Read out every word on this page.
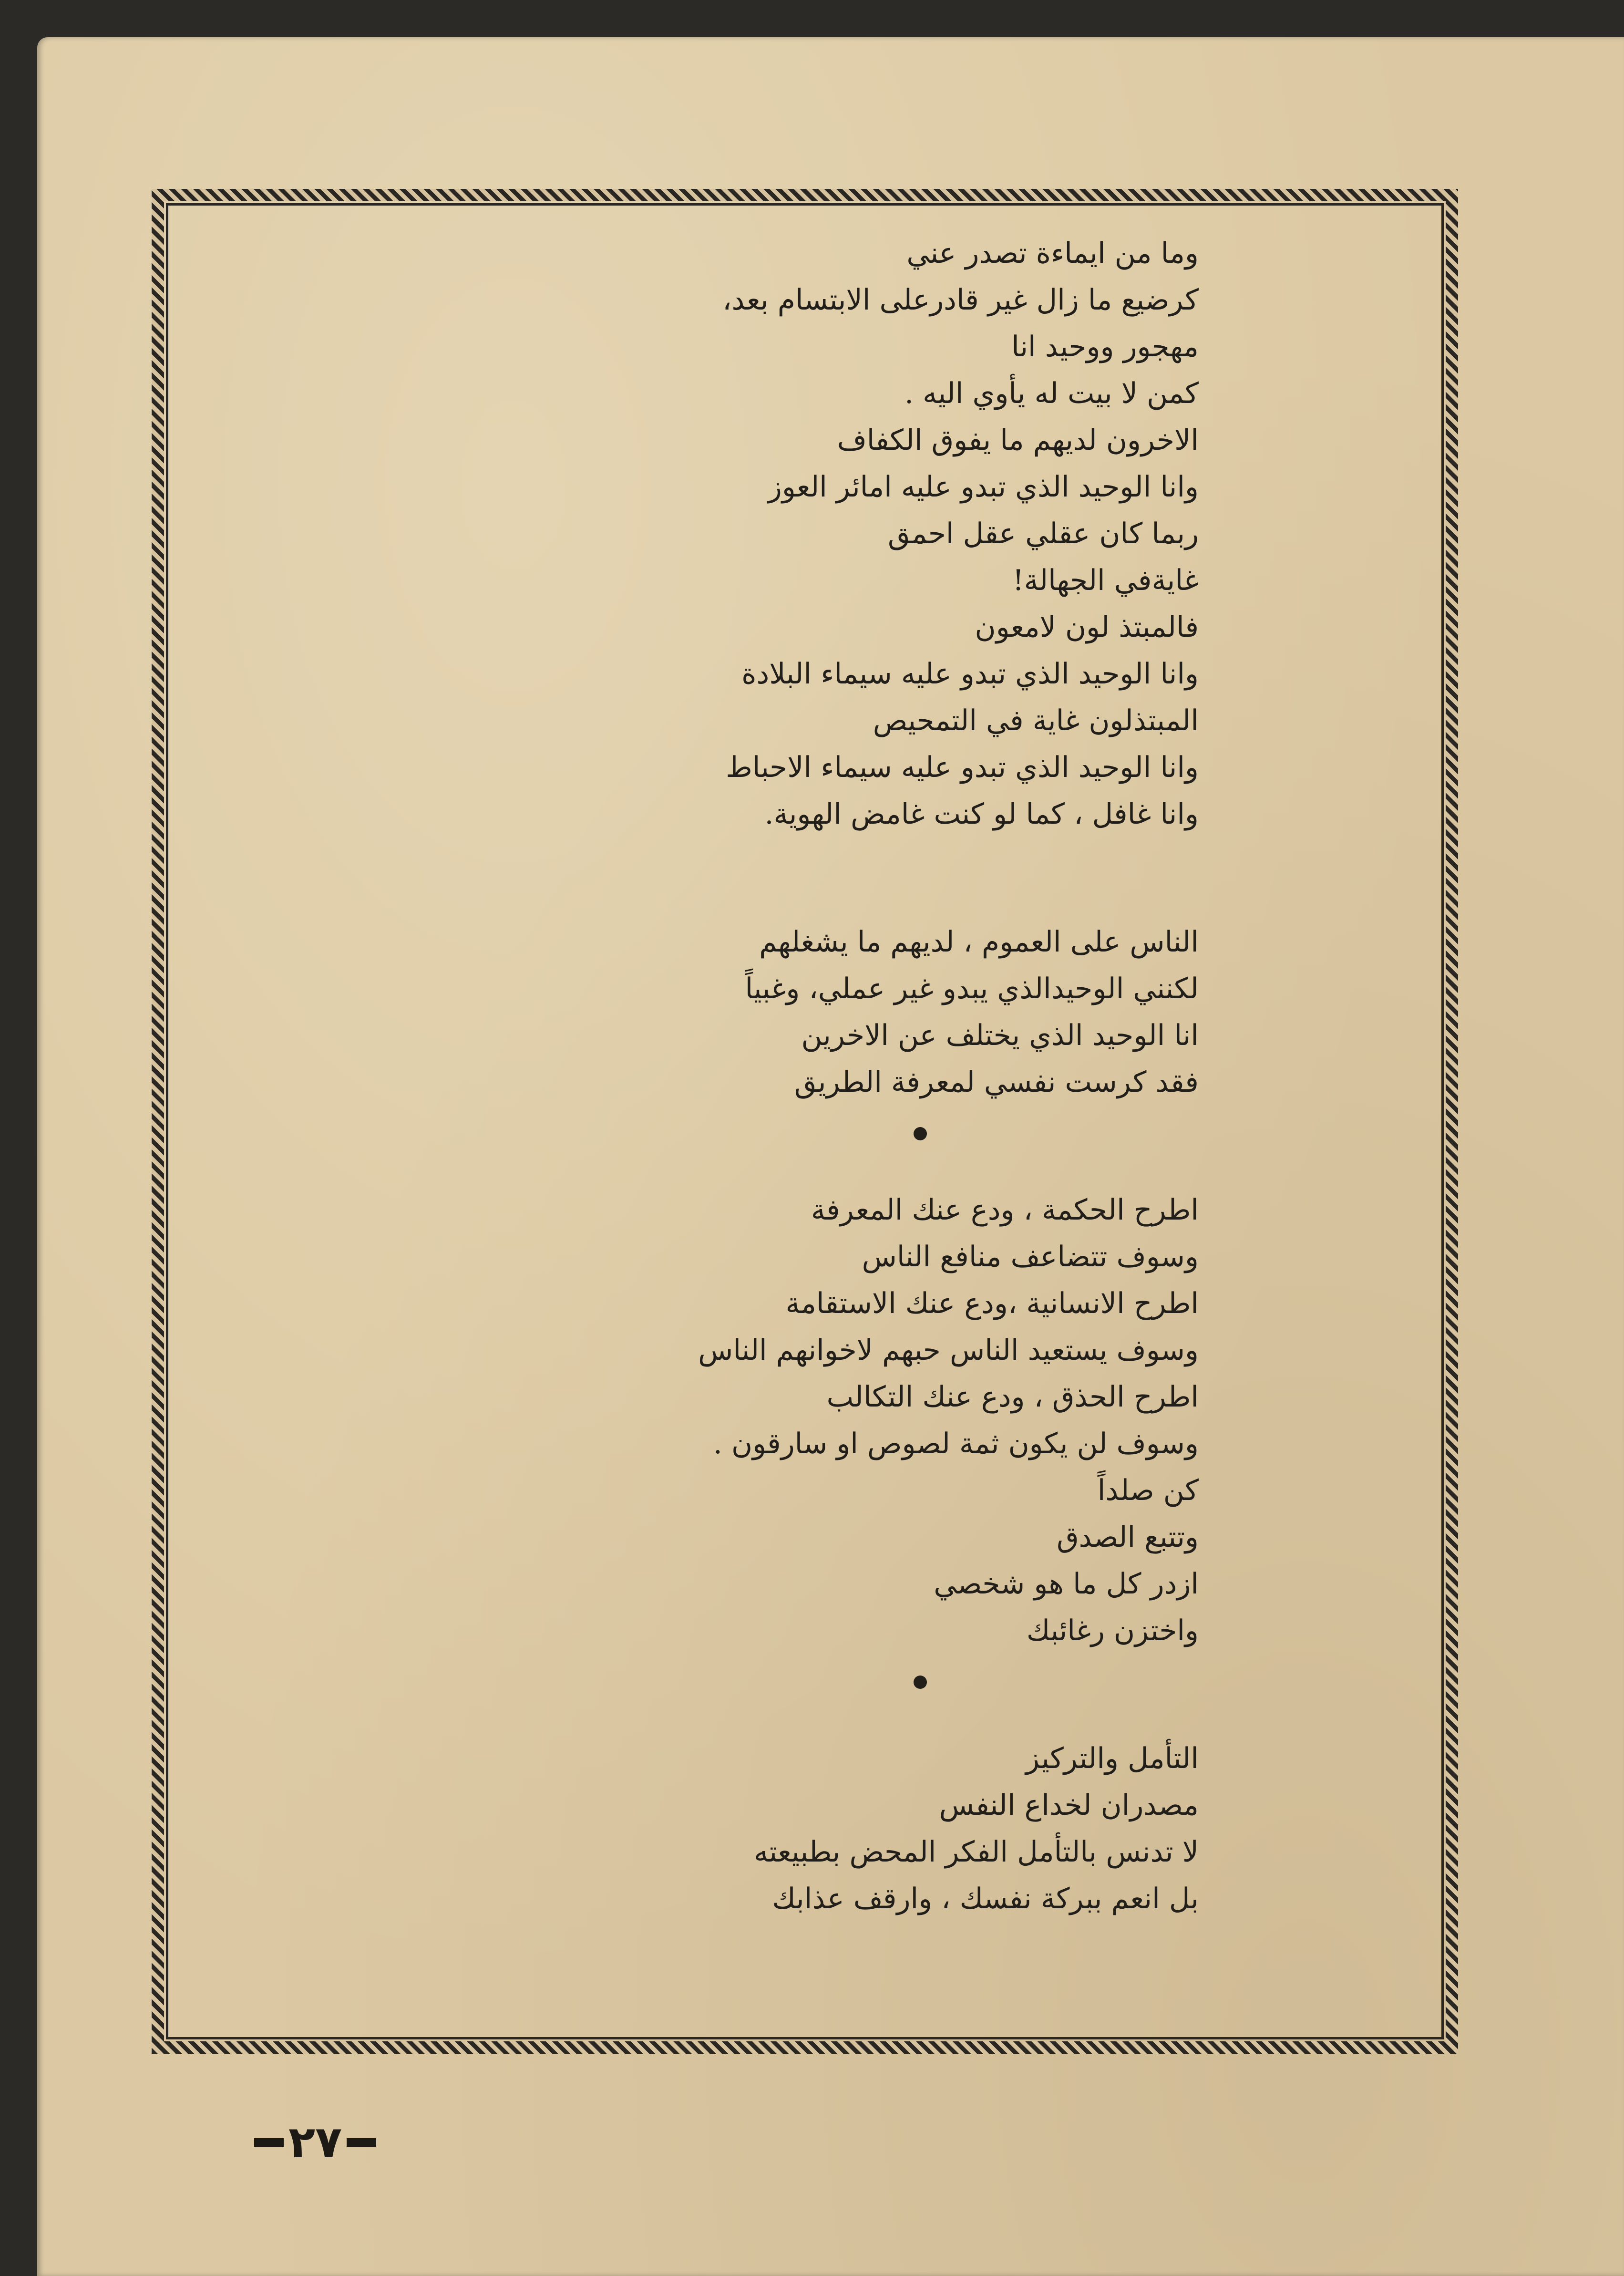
وما من ايماءة تصدر عني
كرضيع ما زال غير قادرعلى الابتسام بعد،
مهجور ووحيد انا
كمن لا بيت له يأوي اليه .
الاخرون لديهم ما يفوق الكفاف
وانا الوحيد الذي تبدو عليه امائر العوز
ربما كان عقلي عقل احمق
غايةفي الجهالة!
فالمبتذ لون لامعون
وانا الوحيد الذي تبدو عليه سيماء البلادة
المبتذلون غاية في التمحيص
وانا الوحيد الذي تبدو عليه سيماء الاحباط
وانا غافل ، كما لو كنت غامض الهوية.
الناس على العموم ، لديهم ما يشغلهم
لكنني الوحيدالذي يبدو غير عملي، وغبياً
انا الوحيد الذي يختلف عن الاخرين
فقد كرست نفسي لمعرفة الطريق
اطرح الحكمة ، ودع عنك المعرفة
وسوف تتضاعف منافع الناس
اطرح الانسانية ،ودع عنك الاستقامة
وسوف يستعيد الناس حبهم لاخوانهم الناس
اطرح الحذق ، ودع عنك التكالب
وسوف لن يكون ثمة لصوص او سارقون .
كن صلداً
وتتبع الصدق
ازدر كل ما هو شخصي
واختزن رغائبك
التأمل والتركيز
مصدران لخداع النفس
لا تدنس بالتأمل الفكر المحض بطبيعته
بل انعم ببركة نفسك ، وارقف عذابك
٢٧
